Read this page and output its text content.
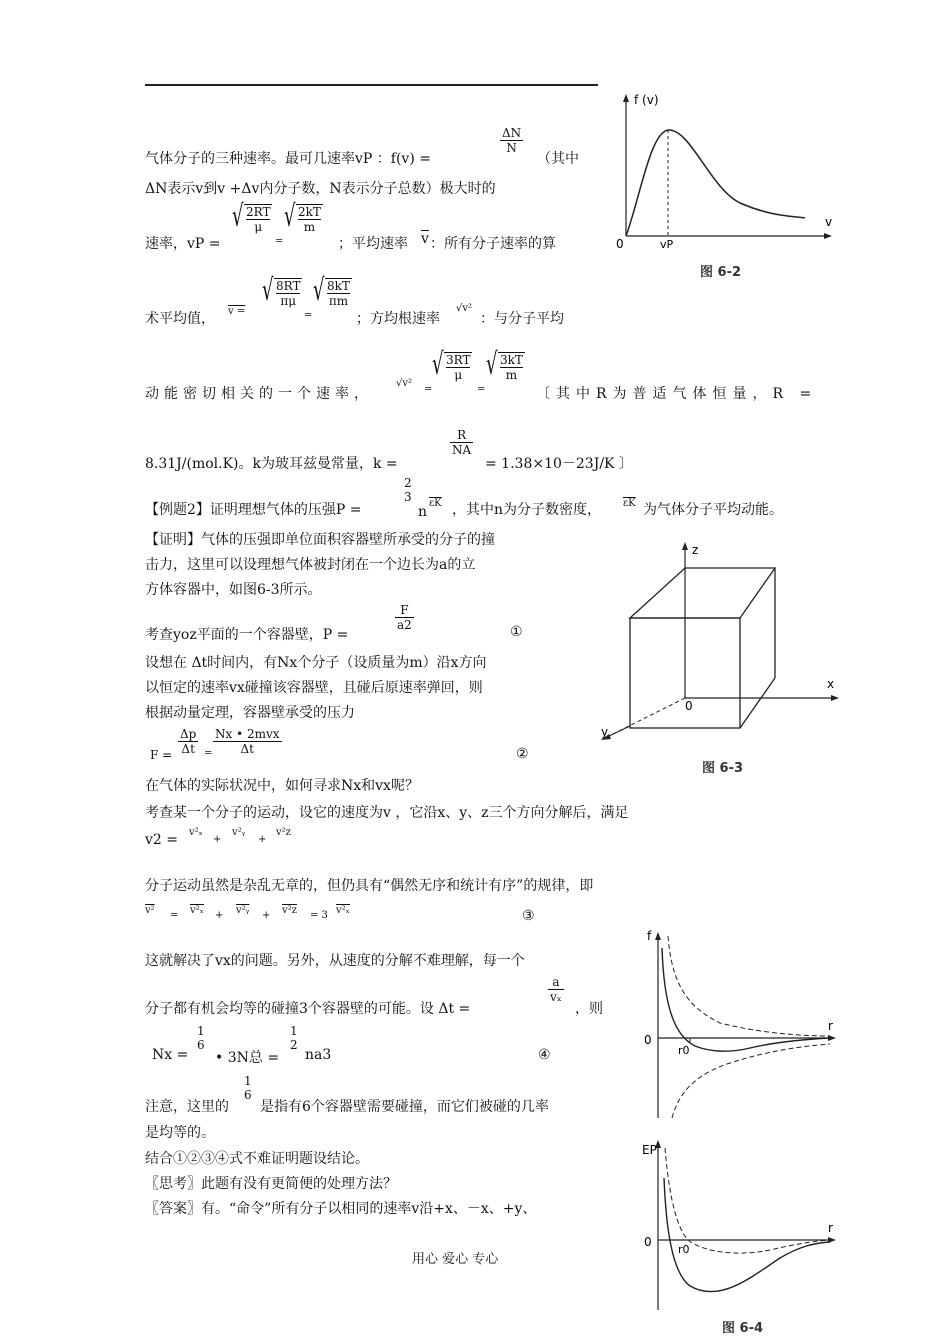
气体分子的三种速率。最可几速率vP ：f(v) =
$\frac{\Delta N}{N}$
（其中
ΔN表示v到v +Δv内分子数，N表示分子总数）极大时的
速率，vP =
√ $\frac{2RT}{\mu}$
=
√ $\frac{2kT}{m}$
；平均速率 $\overline{v}$ ：所有分子速率的算
术平均值， v =
√ $\frac{8RT}{\pi\mu}$
=
√ $\frac{8kT}{\pi m}$
；方均根速率
√v²
：与分子平均
动能密切相关的一个速率，
√v²
=
√ $\frac{3RT}{\mu}$
=
√ $\frac{3kT}{m}$
〔其中R为普适气体恒量，R =
8.31J/(mol.K)。k为玻耳兹曼常量，k =
$\frac{R}{NA}$
= 1.38×10－23J/K 〕
【例题2】证明理想气体的压强P =
2
3
n
$\overline{\varepsilon K}$ ，其中n为分子数密度， $\overline{\varepsilon K}$ 为气体分子平均动能。
【证明】气体的压强即单位面积容器壁所承受的分子的撞
击力，这里可以设理想气体被封闭在一个边长为a的立
方体容器中，如图6-3所示。
考查yoz平面的一个容器壁，P =
$\frac{F}{a2}$	①
设想在 Δt时间内，有Nx个分子（设质量为m）沿x方向
以恒定的速率vx碰撞该容器壁，且碰后原速率弹回，则
根据动量定理，容器壁承受的压力
$F = \frac{\Delta p}{\Delta t}$ =
Nx • 2mvx
Δt	②
在气体的实际状况中，如何寻求Nx和vx呢？
考查某一个分子的运动，设它的速度为v ，它沿x、y、z三个方向分解后，满足
v2 = v²ₓ
+
v²ᵧ
+
v²z
分子运动虽然是杂乱无章的，但仍具有“偶然无序和统计有序”的规律，即
v² = v²ₓ + v²ᵧ + v²z = 3 v²ₓ	③
这就解决了vx的问题。另外，从速度的分解不难理解，每一个
分子都有机会均等的碰撞3个容器壁的可能。设 Δt =
$\frac{a}{\text{vₓ}}$
，则
Nx =
1
6
• 3N总 =
1
2
na3	④
注意，这里的
1
6
是指有6个容器壁需要碰撞，而它们被碰的几率
是均等的。
结合①②③④式不难证明题设结论。
〖思考〗此题有没有更简便的处理方法？
〖答案〗有。“命令”所有分子以相同的速率v沿+x、－x、+y、
用心 爱心 专心
f (v)
v
0	vP
图 6-2
z
x
y
0
图 6-3
f
r
0
r0
EP
r
0
r0
图 6-4
